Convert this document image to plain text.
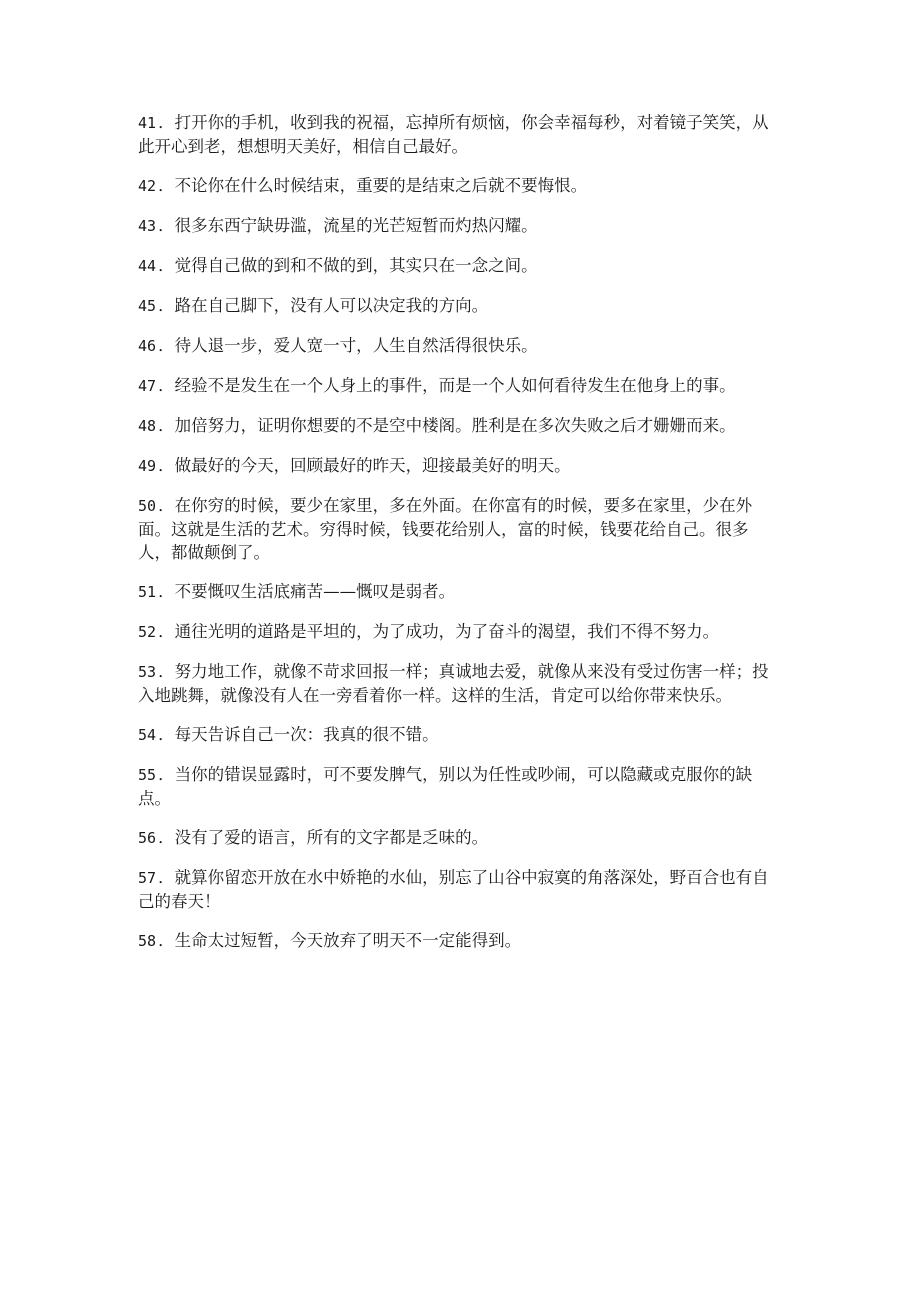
41 ．打开你的手机，收到我的祝福，忘掉所有烦恼，你会幸福每秒，对着镜子笑笑，从此开心到老，想想明天美好，相信自己最好。
42 ．不论你在什么时候结束，重要的是结束之后就不要悔恨。
43 ．很多东西宁缺毋滥，流星的光芒短暂而灼热闪耀。
44 ．觉得自己做的到和不做的到，其实只在一念之间。
45 ．路在自己脚下，没有人可以决定我的方向。
46 ．待人退一步，爱人宽一寸，人生自然活得很快乐。
47 ．经验不是发生在一个人身上的事件，而是一个人如何看待发生在他身上的事。
48 ．加倍努力，证明你想要的不是空中楼阁。胜利是在多次失败之后才姗姗而来。
49 ．做最好的今天，回顾最好的昨天，迎接最美好的明天。
50 ．在你穷的时候，要少在家里，多在外面。在你富有的时候，要多在家里，少在外面。这就是生活的艺术。穷得时候，钱要花给别人，富的时候，钱要花给自己。很多人，都做颠倒了。
51 ．不要慨叹生活底痛苦——慨叹是弱者。
52 ．通往光明的道路是平坦的，为了成功，为了奋斗的渴望，我们不得不努力。
53 ．努力地工作，就像不苛求回报一样；真诚地去爱，就像从来没有受过伤害一样；投入地跳舞，就像没有人在一旁看着你一样。这样的生活，肯定可以给你带来快乐。
54 ．每天告诉自己一次：我真的很不错。
55 ．当你的错误显露时，可不要发脾气，别以为任性或吵闹，可以隐藏或克服你的缺点。
56 ．没有了爱的语言，所有的文字都是乏味的。
57 ．就算你留恋开放在水中娇艳的水仙，别忘了山谷中寂寞的角落深处，野百合也有自己的春天！
58 ．生命太过短暂，今天放弃了明天不一定能得到。
